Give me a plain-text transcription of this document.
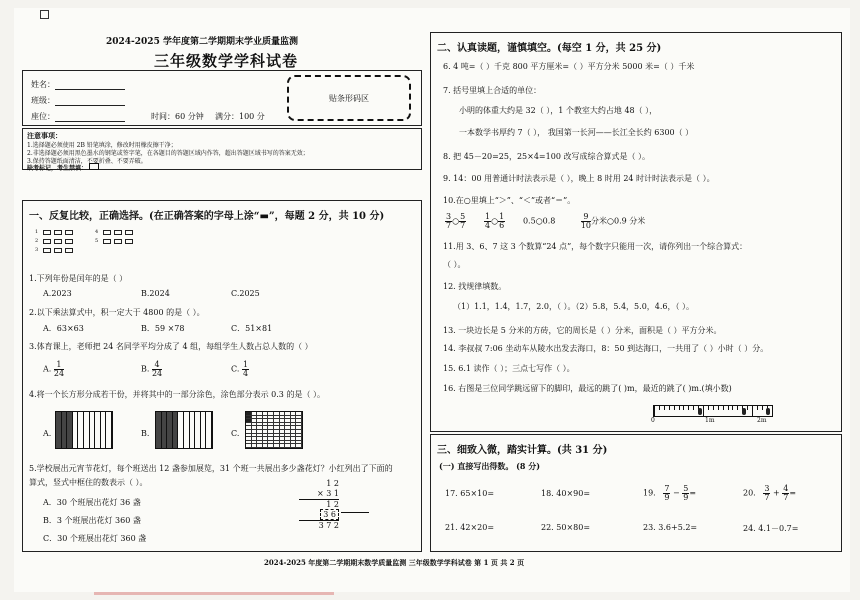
2024-2025 学年度第二学期期末学业质量监测
三年级数学学科试卷
姓名：
班级：
座位：	时间：60 分钟 满分：100 分
贴条形码区
注意事项：
1.选择题必须使用 2B 铅笔填涂，修改时用橡皮擦干净；
2.非选择题必须用黑色墨水的钢笔或签字笔，在各题目的答题区域内作答，超出答题区域书写的答案无效；
3.保持答题纸面清洁，不要折叠、不要弄破。
缺考标记，考生禁填：
一、反复比较，正确选择。(在正确答案的字母上涂“▬”，每题 2 分，共 10 分)
1
2
3
4
5
1.下列年份是闰年的是（ ）
A.2023	B.2024	C.2025
2.以下乘法算式中，积一定大于 4800 的是（ ）。
A．63×63	B．59 ×78	C．51×81
3.体育课上，老师把 24 名同学平均分成了 4 组，每组学生人数占总人数的（ ）
A. $\frac{1}{24}$	B. $\frac{4}{24}$	C. $\frac{1}{4}$
4.将一个长方形分成若干份，并将其中的一部分涂色，涂色部分表示 0.3 的是（ ）。
A.	B.	C.
5.学校展出元宵节花灯，每个班送出 12 盏参加展览，31 个班一共展出多少盏花灯？小红列出了下面的
算式，竖式中框住的数表示（ ）。
A．30 个班展出花灯 36 盏
B．3 个班展出花灯 360 盏
C．30 个班展出花灯 360 盏
1 2
× 3 1
1 2
3 6
3 7 2
二、认真读题，谨慎填空。(每空 1 分，共 25 分)
6. 4 吨=（ ）千克 800 平方厘米=（ ）平方分米 5000 米=（ ）千米
7. 括号里填上合适的单位：
小明的体重大约是 32（ ），1 个教室大约占地 48（ ），
一本数学书厚约 7（ ）， 我国第一长河——长江全长约 6300（ ）
8. 把 45－20=25，25×4=100 改写成综合算式是（ ）。
9. 14：00 用普通计时法表示是（ ），晚上 8 时用 24 时计时法表示是（ ）。
10.在○里填上“＞”、“＜”或者“＝”。
$\frac{3}{7}$ ○ $\frac{5}{7}$
$\frac{1}{4}$ ○ $\frac{1}{6}$ 0.5○0.8	$\frac{9}{10}$ 分米○0.9 分米
11.用 3、6、7 这 3 个数算“24 点”，每个数字只能用一次，请你列出一个综合算式：
（ ）。
12. 找规律填数。
（1）1.1，1.4，1.7，2.0，（ ）。（2）5.8，5.4，5.0，4.6，（ ）。
13. 一块边长是 5 分米的方砖，它的周长是（ ）分米，面积是（ ）平方分米。
14. 李叔叔 7:06 坐动车从陵水出发去海口，8：50 到达海口，一共用了（ ）小时（ ）分。
15. 6.1 读作（ ）；三点七写作（ ）。
16. 右图是三位同学跳远留下的脚印，最远的跳了( )m，最近的跳了( )m.(填小数)
0	1m	2m
三、细致入微，踏实计算。(共 31 分)
(一) 直接写出得数。 (8 分)
17. 65×10=	18. 40×90=	19. $\frac{7}{9} - \frac{5}{9}$ =	20. $\frac{3}{7} + \frac{4}{7}$ =
21. 42×20=	22. 50×80=	23. 3.6+5.2=	24. 4.1－0.7=
2024-2025 年度第二学期期末数学质量监测 三年级数学学科试卷 第 1 页 共 2 页
